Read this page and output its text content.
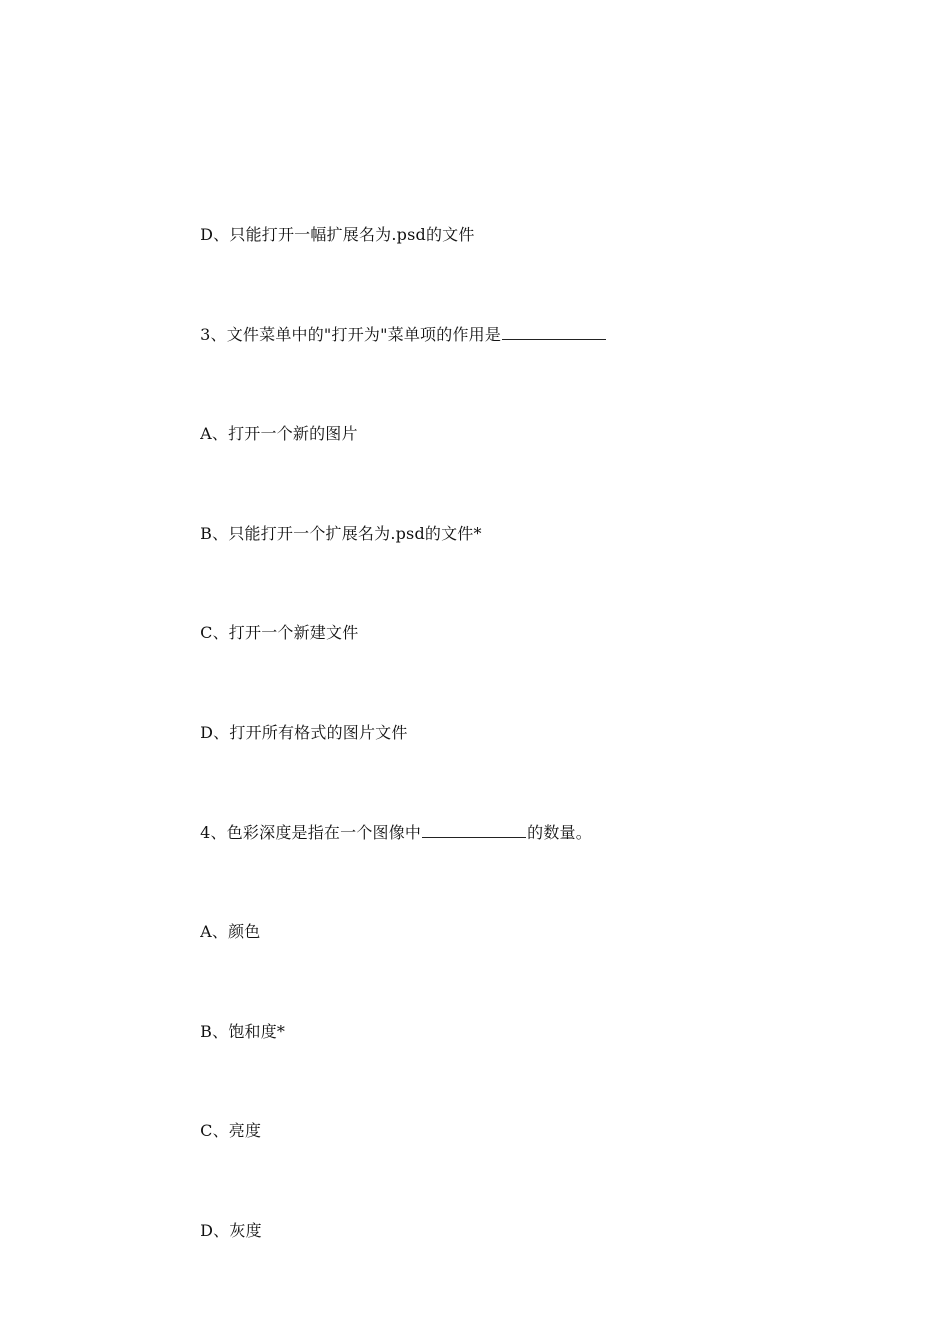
D、只能打开一幅扩展名为.psd的文件

3、文件菜单中的"打开为"菜单项的作用是

A、打开一个新的图片

B、只能打开一个扩展名为.psd的文件*

C、打开一个新建文件

D、打开所有格式的图片文件

4、色彩深度是指在一个图像中	的数量。

A、颜色

B、饱和度*

C、亮度

D、灰度
